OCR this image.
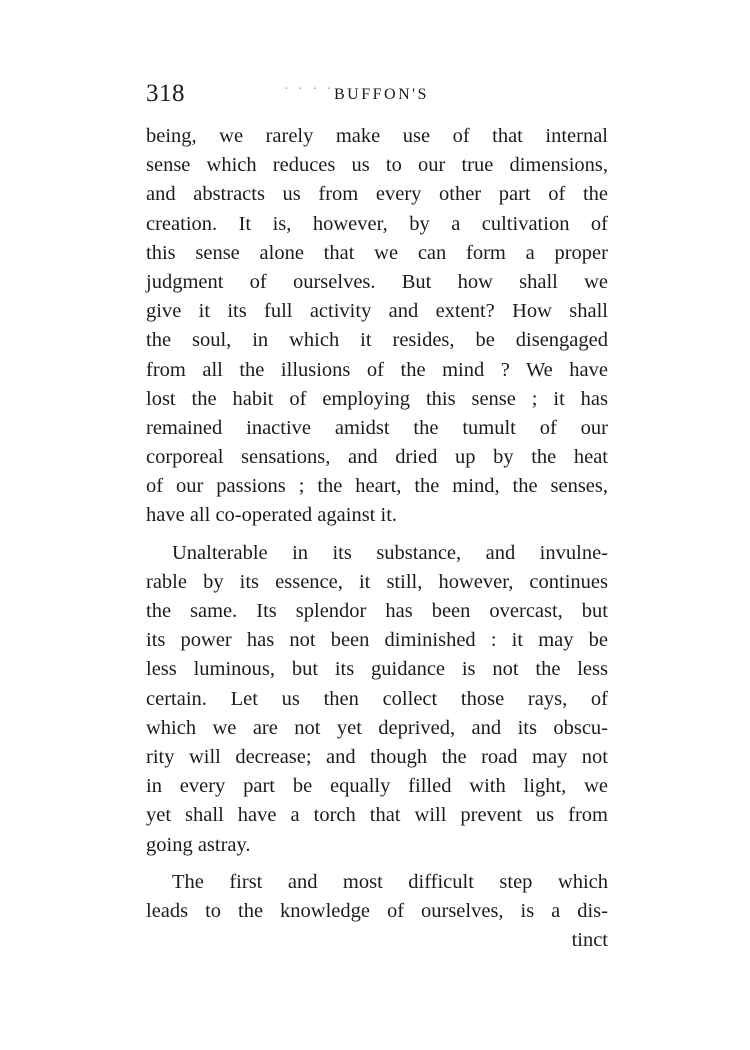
318	· · · · BUFFON'S
being, we rarely make use of that internal
sense which reduces us to our true dimensions,
and abstracts us from every other part of the
creation. It is, however, by a cultivation of
this sense alone that we can form a proper
judgment of ourselves. But how shall we
give it its full activity and extent? How shall
the soul, in which it resides, be disengaged
from all the illusions of the mind ? We have
lost the habit of employing this sense ; it has
remained inactive amidst the tumult of our
corporeal sensations, and dried up by the heat
of our passions ; the heart, the mind, the senses,
have all co-operated against it.
Unalterable in its substance, and invulne-
rable by its essence, it still, however, continues
the same. Its splendor has been overcast, but
its power has not been diminished : it may be
less luminous, but its guidance is not the less
certain. Let us then collect those rays, of
which we are not yet deprived, and its obscu-
rity will decrease; and though the road may not
in every part be equally filled with light, we
yet shall have a torch that will prevent us from
going astray.
The first and most difficult step which
leads to the knowledge of ourselves, is a dis-
tinct
